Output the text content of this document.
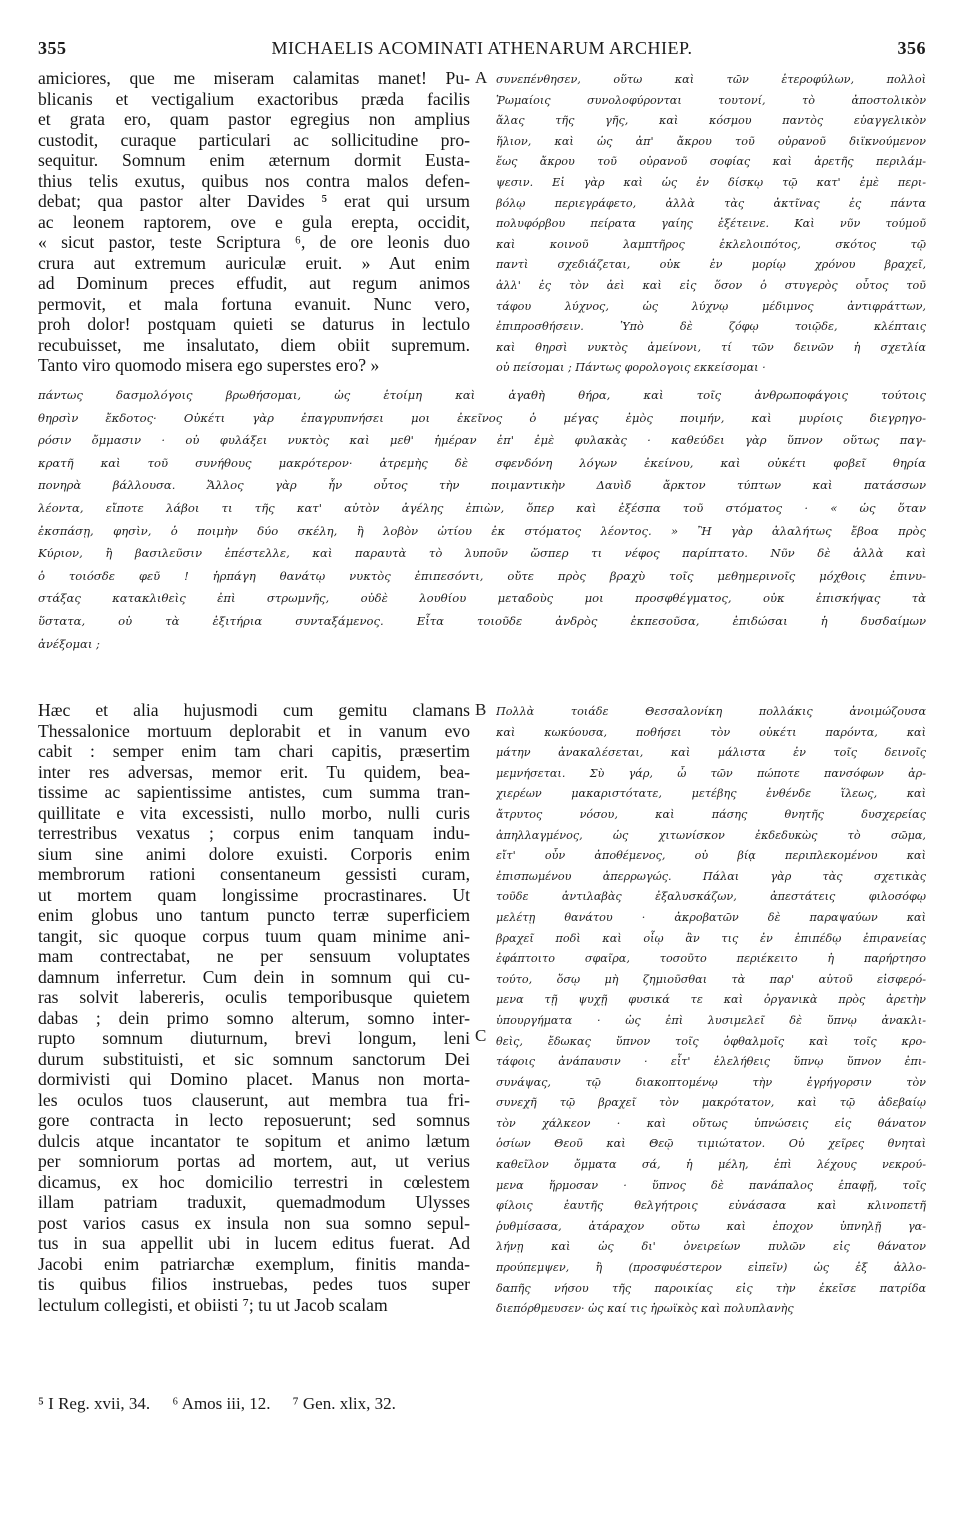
355	MICHAELIS ACOMINATI ATHENARUM ARCHIEP.	356
amiciores, que me miseram calamitas manet! Pu-
blicanis et vectigalium exactoribus præda facilis
et grata ero, quam pastor egregius non amplius
custodit, curaque particulari ac sollicitudine pro-
sequitur. Somnum enim æternum dormit Eusta-
thius telis exutus, quibus nos contra malos defen-
debat; qua pastor alter Davides ⁵ erat qui ursum
ac leonem raptorem, ove e gula erepta, occidit,
« sicut pastor, teste Scriptura ⁶, de ore leonis duo
crura aut extremum auriculæ eruit. » Aut enim
ad Dominum preces effudit, aut regum animos
permovit, et mala fortuna evanuit. Nunc vero,
proh dolor! postquam quieti se daturus in lectulo
recubuisset, me insalutato, diem obiit supremum.
Tanto viro quomodo misera ego superstes ero? »
A συνεπένθησεν, οὕτω καὶ τῶν ἑτεροφύλων, πολλοὶ
Ῥωμαίοις συνολοφύρονται τουτονί, τὸ ἀποστολικὸν
ἅλας τῆς γῆς, καὶ κόσμου παντὸς εὐαγγελικὸν
ἥλιον, καὶ ὡς ἀπ' ἄκρου τοῦ οὐρανοῦ διϊκνούμενον
ἕως ἄκρου τοῦ οὐρανοῦ σοφίας καὶ ἀρετῆς περιλάμ-
ψεσιν. Εἰ γὰρ καὶ ὡς ἐν δίσκῳ τῷ κατ' ἐμὲ περι-
βόλῳ περιεγράφετο, ἀλλὰ τὰς ἀκτῖνας ἐς πάντα
πολυφόρβου πείρατα γαίης ἐξέτεινε. Καὶ νῦν τούμοῦ
καὶ κοινοῦ λαμπτῆρος ἐκλελοιπότος, σκότος τῷ
παντὶ σχεδιάζεται, οὐκ ἐν μορίῳ χρόνου βραχεῖ,
ἀλλ' ἐς τὸν ἀεὶ καὶ εἰς ὅσον ὁ στυγερὸς οὗτος τοῦ
τάφου λύχνος, ὡς λύχνῳ μέδιμνος ἀντιφράττων,
ἐπιπροσθήσειν. Ὑπὸ δὲ ζόφῳ τοιῷδε, κλέπταις
καὶ θηρσὶ νυκτὸς ἀμείνονι, τί τῶν δεινῶν ἡ σχετλία
οὐ πείσομαι ; Πάντως φορολογοις εκκείσομαι ·
πάντως δασμολόγοις βρωθήσομαι, ὡς ἑτοίμη καὶ ἀγαθὴ θήρα, καὶ τοῖς ἀνθρωποφάγοις τούτοις
θηρσὶν ἔκδοτος· Οὐκέτι γὰρ ἐπαγρυπνήσει μοι ἐκεῖνος ὁ μέγας ἐμὸς ποιμήν, καὶ μυρίοις διεγρηγο-
ρόσιν ὄμμασιν · οὐ φυλάξει νυκτὸς καὶ μεθ' ἡμέραν ἐπ' ἐμὲ φυλακὰς · καθεύδει γὰρ ὕπνον οὕτως παγ-
κρατῆ καὶ τοῦ συνήθους μακρότερον· ἀτρεμὴς δὲ σφενδόνη λόγων ἐκείνου, καὶ οὐκέτι φοβεῖ θηρία
πονηρὰ βάλλουσα. Ἄλλος γὰρ ἦν οὗτος τὴν ποιμαντικὴν Δαυὶδ ἄρκτον τύπτων καὶ πατάσσων
λέοντα, εἴποτε λάβοι τι τῆς κατ' αὐτὸν ἀγέλης ἐπιὼν, ὅπερ καὶ ἐξέσπα τοῦ στόματος · « ὡς ὅταν
ἐκσπάσῃ, φησὶν, ὁ ποιμὴν δύο σκέλη, ἢ λοβὸν ὠτίου ἐκ στόματος λέοντος. » Ἢ γὰρ ἀλαλήτως ἔβοα πρὸς
Κύριον, ἢ βασιλεῦσιν ἐπέστελλε, καὶ παραυτὰ τὸ λυποῦν ὥσπερ τι νέφος παρίπτατο. Νῦν δὲ ἀλλὰ καὶ
ὁ τοιόσδε φεῦ ! ἡρπάγη θανάτῳ νυκτὸς ἐπιπεσόντι, οὔτε πρὸς βραχὺ τοῖς μεθημερινοῖς μόχθοις ἐπινυ-
στάξας κατακλιθεὶς ἐπὶ στρωμνῆς, οὐδὲ λουθίου μεταδοὺς μοι προσφθέγματος, οὐκ ἐπισκήψας τὰ
ὕστατα, οὐ τὰ ἐξιτήρια συνταξάμενος. Εἶτα τοιοῦδε ἀνδρὸς ἐκπεσοῦσα, ἐπιδώσαι ἡ δυσδαίμων
ἀνέξομαι ;
Hæc et alia hujusmodi cum gemitu clamans
Thessalonice mortuum deplorabit et in vanum evo
cabit : semper enim tam chari capitis, præsertim
inter res adversas, memor erit. Tu quidem, bea-
tissime ac sapientissime antistes, cum summa tran-
quillitate e vita excessisti, nullo morbo, nulli curis
terrestribus vexatus ; corpus enim tanquam indu-
sium sine animi dolore exuisti. Corporis enim
membrorum rationi consentaneum gessisti curam,
ut mortem quam longissime procrastinares. Ut
enim globus uno tantum puncto terræ superficiem
tangit, sic quoque corpus tuum quam minime ani-
mam contrectabat, ne per sensuum voluptates
damnum inferretur. Cum dein in somnum qui cu-
ras solvit labereris, oculis temporibusque quietem
dabas ; dein primo somno alterum, somno inter-
rupto somnum diuturnum, brevi longum, leni
durum substituisti, et sic somnum sanctorum Dei
dormivisti qui Domino placet. Manus non morta-
les oculos tuos clauserunt, aut membra tua fri-
gore contracta in lecto reposuerunt; sed somnus
dulcis atque incantator te sopitum et animo lætum
per somniorum portas ad mortem, aut, ut verius
dicamus, ex hoc domicilio terrestri in cœlestem
illam patriam traduxit, quemadmodum Ulysses
post varios casus ex insula non sua somno sepul-
tus in sua appellit ubi in lucem editus fuerat. Ad
Jacobi enim patriarchæ exemplum, finitis manda-
tis quibus filios instruebas, pedes tuos super
lectulum collegisti, et obiisti ⁷; tu ut Jacob scalam
B
C
Πολλὰ τοιάδε Θεσσαλονίκη πολλάκις ἀνοιμώζουσα
καὶ κωκύουσα, ποθήσει τὸν οὐκέτι παρόντα, καὶ
μάτην ἀνακαλέσεται, καὶ μάλιστα ἐν τοῖς δεινοῖς
μεμνήσεται. Σὺ γάρ, ὦ τῶν πώποτε πανσόφων ἀρ-
χιερέων μακαριστότατε, μετέβης ἐνθένδε ἵλεως, καὶ
ἄτρυτος νόσου, καὶ πάσης θνητῆς δυσχερείας
ἀπηλλαγμένος, ὡς χιτωνίσκον ἐκδεδυκὼς τὸ σῶμα,
εἴτ' οὖν ἀποθέμενος, οὐ βίᾳ περιπλεκομένου καὶ
ἐπισπωμένου ἀπερρωγώς. Πάλαι γὰρ τὰς σχετικὰς
τοῦδε ἀντιλαβὰς ἐξαλυσκάζων, ἀπεστάτεις φιλοσόφῳ
μελέτῃ θανάτου · ἀκροβατῶν δὲ παραψαύων καὶ
βραχεῖ ποδὶ καὶ οἷῳ ἂν τις ἐν ἐπιπέδῳ ἐπιρανείας
ἐφάπτοιτο σφαῖρα, τοσοῦτο περιέκειτο ἡ παρήρτησο
τούτο, ὅσῳ μὴ ζημιοῦσθαι τὰ παρ' αὐτοῦ εἰσφερό-
μενα τῇ ψυχῇ φυσικά τε καὶ ὀργανικὰ πρὸς ἀρετὴν
ὑπουργήματα · ὡς ἐπὶ λυσιμελεῖ δὲ ὕπνῳ ἀνακλι-
θεὶς, ἔδωκας ὕπνον τοῖς ὀφθαλμοῖς καὶ τοῖς κρο-
τάφοις ἀνάπαυσιν · εἶτ' ἐλελήθεις ὕπνῳ ὕπνον ἐπι-
συνάψας, τῷ διακοπτομένῳ τὴν ἐγρήγορσιν τὸν
συνεχῆ τῷ βραχεῖ τὸν μακρότατον, καὶ τῷ ἀδεβαίῳ
τὸν χάλκεον · καὶ οὕτως ὑπνώσεις εἰς θάνατον
ὁσίων Θεοῦ καὶ Θεῷ τιμιώτατον. Οὐ χεῖρες θνηταὶ
καθεῖλον ὄμματα σά, ἡ μέλη, ἐπὶ λέχους νεκρού-
μενα ἥρμοσαν · ὕπνος δὲ πανάπαλος ἐπαφῇ, τοῖς
φίλοις ἑαυτῆς θελγήτροις εὐνάσασα καὶ κλινοπετῆ
ῥυθμίσασα, ἀτάραχον οὕτω καὶ ἐποχον ὑπνηλῇ γα-
λήνῃ καὶ ὡς δι' ὀνειρείων πυλῶν εἰς θάνατον
προύπεμψεν, ἢ (προσφυέστερον εἰπεῖν) ὡς ἐξ ἀλλο-
δαπῆς νήσου τῆς παροικίας εἰς τὴν ἐκεῖσε πατρίδα
διεπόρθμευσεν· ὡς καί τις ἡρωϊκὸς καὶ πολυπλανὴς
⁵ I Reg. xvii, 34. ⁶ Amos iii, 12. ⁷ Gen. xlix, 32.
